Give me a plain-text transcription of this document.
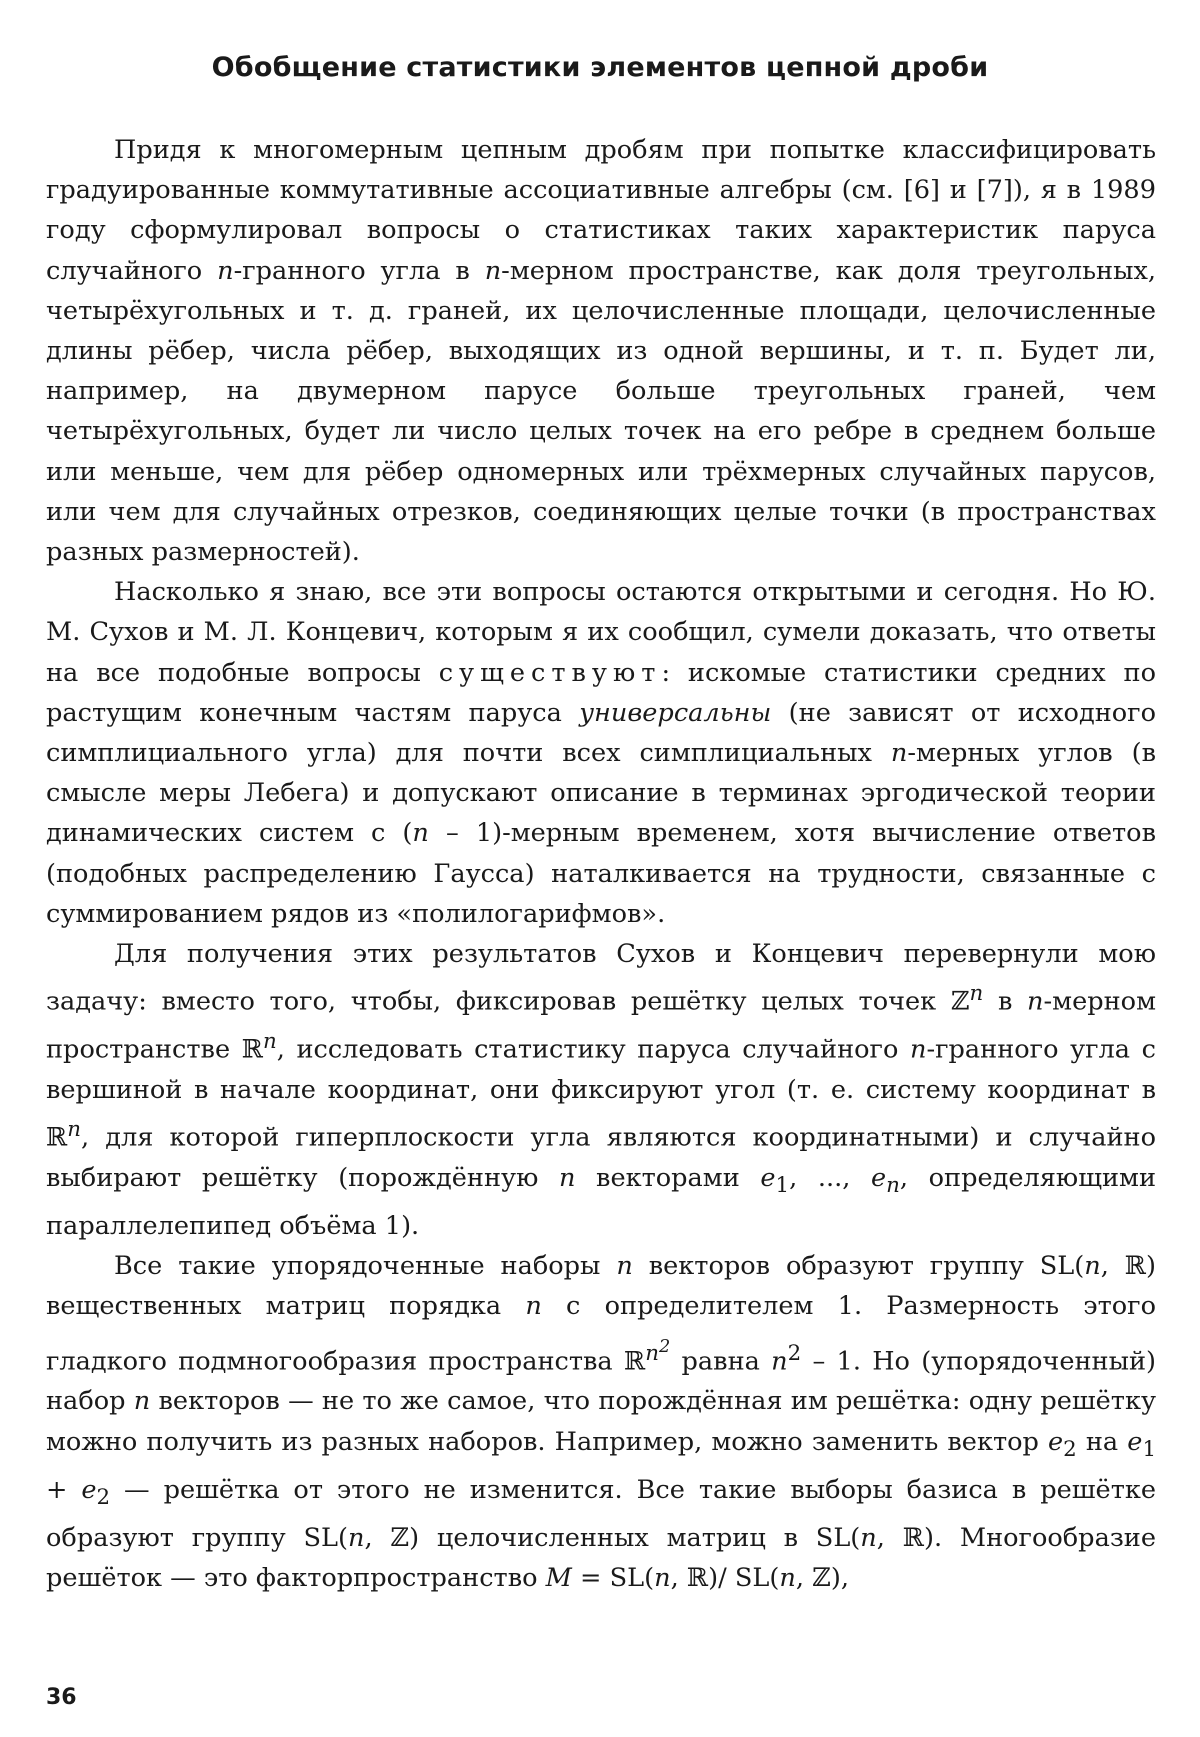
Обобщение статистики элементов цепной дроби

Придя к многомерным цепным дробям при попытке классифицировать градуированные коммутативные ассоциативные алгебры (см. [6] и [7]), я в 1989 году сформулировал вопросы о статистиках таких характеристик паруса случайного n-гранного угла в n-мерном пространстве, как доля треугольных, четырёхугольных и т. д. граней, их целочисленные площади, целочисленные длины рёбер, числа рёбер, выходящих из одной вершины, и т. п. Будет ли, например, на двумерном парусе больше треугольных граней, чем четырёхугольных, будет ли число целых точек на его ребре в среднем больше или меньше, чем для рёбер одномерных или трёхмерных случайных парусов, или чем для случайных отрезков, соединяющих целые точки (в пространствах разных размерностей).

Насколько я знаю, все эти вопросы остаются открытыми и сегодня. Но Ю. М. Сухов и М. Л. Концевич, которым я их сообщил, сумели доказать, что ответы на все подобные вопросы существуют: искомые статистики средних по растущим конечным частям паруса универсальны (не зависят от исходного симплициального угла) для почти всех симплициальных n-мерных углов (в смысле меры Лебега) и допускают описание в терминах эргодической теории динамических систем с (n – 1)-мерным временем, хотя вычисление ответов (подобных распределению Гаусса) наталкивается на трудности, связанные с суммированием рядов из «полилогарифмов».

Для получения этих результатов Сухов и Концевич перевернули мою задачу: вместо того, чтобы, фиксировав решётку целых точек ℤ$^n$ в n-мерном пространстве ℝ$^n$, исследовать статистику паруса случайного n-гранного угла с вершиной в начале координат, они фиксируют угол (т. е. систему координат в ℝ$^n$, для которой гиперплоскости угла являются координатными) и случайно выбирают решётку (порождённую n векторами $e_1$, ..., $e_n$, определяющими параллелепипед объёма 1).

Все такие упорядоченные наборы n векторов образуют группу SL(n, ℝ) вещественных матриц порядка n с определителем 1. Размерность этого гладкого подмногообразия пространства ℝ$^{n^2}$ равна $n^2 - 1$. Но (упорядоченный) набор n векторов — не то же самое, что порождённая им решётка: одну решётку можно получить из разных наборов. Например, можно заменить вектор $e_2$ на $e_1 + e_2$ — решётка от этого не изменится. Все такие выборы базиса в решётке образуют группу SL(n, ℤ) целочисленных матриц в SL(n, ℝ). Многообразие решёток — это факторпространство M = SL(n, ℝ)/ SL(n, ℤ),

36
